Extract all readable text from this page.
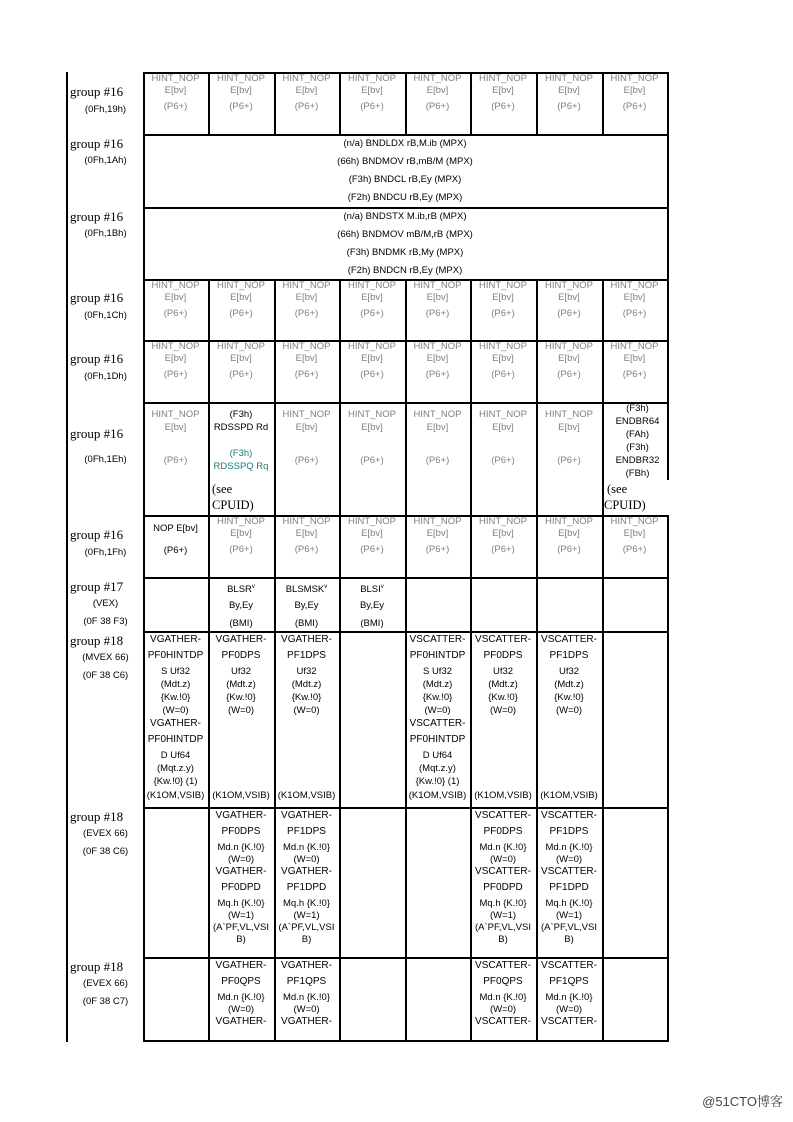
group #16
(0Fh,19h)
group #16
(0Fh,1Ah)
group #16
(0Fh,1Bh)
group #16
(0Fh,1Ch)
group #16
(0Fh,1Dh)
group #16
(0Fh,1Eh)
group #16
(0Fh,1Fh)
group #17
(VEX)
(0F 38 F3)
group #18
(MVEX 66)
(0F 38 C6)
group #18
(EVEX 66)
(0F 38 C6)
group #18
(EVEX 66)
(0F 38 C7)
HINT_NOP
E[bv]
(P6+)
HINT_NOP
E[bv]
(P6+)
HINT_NOP
E[bv]
(P6+)
HINT_NOP
E[bv]
(P6+)
HINT_NOP
E[bv]
(P6+)
HINT_NOP
E[bv]
(P6+)
HINT_NOP
E[bv]
(P6+)
HINT_NOP
E[bv]
(P6+)
HINT_NOP
E[bv]
(P6+)
HINT_NOP
E[bv]
(P6+)
HINT_NOP
E[bv]
(P6+)
HINT_NOP
E[bv]
(P6+)
HINT_NOP
E[bv]
(P6+)
HINT_NOP
E[bv]
(P6+)
HINT_NOP
E[bv]
(P6+)
HINT_NOP
E[bv]
(P6+)
HINT_NOP
E[bv]
(P6+)
HINT_NOP
E[bv]
(P6+)
HINT_NOP
E[bv]
(P6+)
HINT_NOP
E[bv]
(P6+)
HINT_NOP
E[bv]
(P6+)
HINT_NOP
E[bv]
(P6+)
HINT_NOP
E[bv]
(P6+)
HINT_NOP
E[bv]
(P6+)
HINT_NOP
E[bv]
(P6+)
HINT_NOP
E[bv]
(P6+)
HINT_NOP
E[bv]
(P6+)
HINT_NOP
E[bv]
(P6+)
HINT_NOP
E[bv]
(P6+)
HINT_NOP
E[bv]
(P6+)
HINT_NOP
E[bv]
(P6+)
HINT_NOP
E[bv]
(P6+)
HINT_NOP
E[bv]
(P6+)
HINT_NOP
E[bv]
(P6+)
HINT_NOP
E[bv]
(P6+)
HINT_NOP
E[bv]
(P6+)
HINT_NOP
E[bv]
(P6+)
(n/a) BNDLDX rB,M.ib (MPX)
(66h) BNDMOV rB,mB/M (MPX)
(F3h) BNDCL rB,Ey (MPX)
(F2h) BNDCU rB,Ey (MPX)
(n/a) BNDSTX M.ib,rB (MPX)
(66h) BNDMOV mB/M,rB (MPX)
(F3h) BNDMK rB,My (MPX)
(F2h) BNDCN rB,Ey (MPX)
(F3h)
RDSSPD Rd
(F3h)
RDSSPQ Rq
(see
CPUID)
(F3h)
ENDBR64
(FAh)
(F3h)
ENDBR32
(FBh)
(see
CPUID)
NOP E[bv]
(P6+)
BLSR$^v$
By,Ey
(BMI)
BLSMSK$^v$
By,Ey
(BMI)
BLSI$^v$
By,Ey
(BMI)
VGATHER-
PF0HINTDP
S Uf32
(Mdt.z)
{Kw.!0}
(W=0)
VGATHER-
PF0HINTDP
D Uf64
(Mqt.z.y)
{Kw.!0} (1)
VGATHER-
PF0DPS
Uf32
(Mdt.z)
{Kw.!0}
(W=0)
VGATHER-
PF1DPS
Uf32
(Mdt.z)
{Kw.!0}
(W=0)
VSCATTER-
PF0HINTDP
S Uf32
(Mdt.z)
{Kw.!0}
(W=0)
VSCATTER-
PF0HINTDP
D Uf64
(Mqt.z.y)
{Kw.!0} (1)
VSCATTER-
PF0DPS
Uf32
(Mdt.z)
{Kw.!0}
(W=0)
VSCATTER-
PF1DPS
Uf32
(Mdt.z)
{Kw.!0}
(W=0)
(K1OM,VSIB) (K1OM,VSIB) (K1OM,VSIB)	(K1OM,VSIB) (K1OM,VSIB) (K1OM,VSIB)
VGATHER-
PF0DPS
Md.n {K.!0}
(W=0)
VGATHER-
PF0DPD
Mq.h {K.!0}
(W=1)
(A`PF,VL,VSI
B)
VGATHER-
PF1DPS
Md.n {K.!0}
(W=0)
VGATHER-
PF1DPD
Mq.h {K.!0}
(W=1)
(A`PF,VL,VSI
B)
VSCATTER-
PF0DPS
Md.n {K.!0}
(W=0)
VSCATTER-
PF0DPD
Mq.h {K.!0}
(W=1)
(A`PF,VL,VSI
B)
VSCATTER-
PF1DPS
Md.n {K.!0}
(W=0)
VSCATTER-
PF1DPD
Mq.h {K.!0}
(W=1)
(A`PF,VL,VSI
B)
VGATHER-
PF0QPS
Md.n {K.!0}
(W=0)
VGATHER-
VGATHER-
PF1QPS
Md.n {K.!0}
(W=0)
VGATHER-
VSCATTER-
PF0QPS
Md.n {K.!0}
(W=0)
VSCATTER-
VSCATTER-
PF1QPS
Md.n {K.!0}
(W=0)
VSCATTER-
@51CTO博客
